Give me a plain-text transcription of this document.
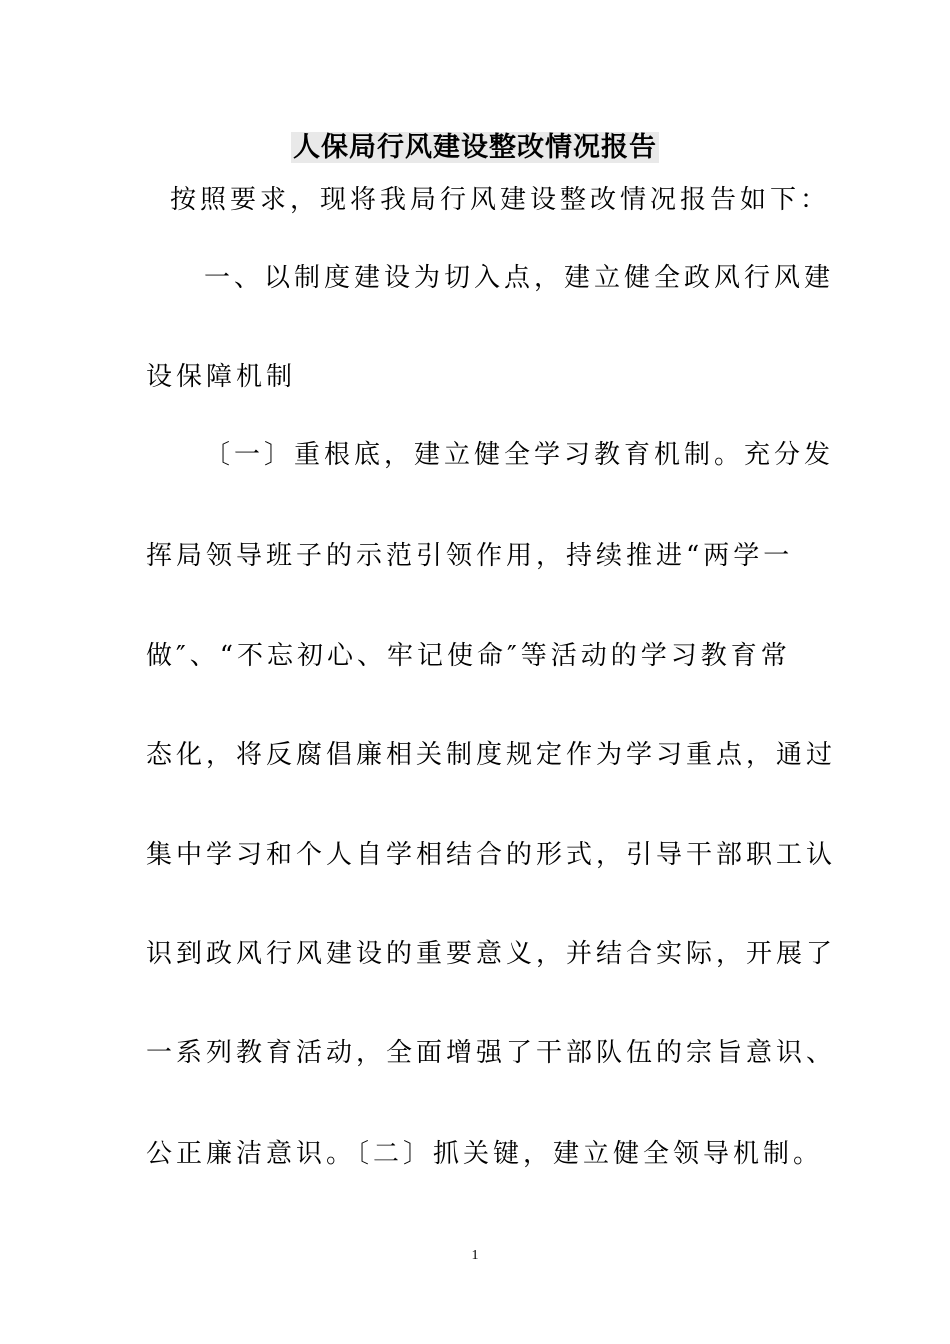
人保局行风建设整改情况报告
按照要求，现将我局行风建设整改情况报告如下：
一、以制度建设为切入点，建立健全政风行风建
设保障机制
〔一〕重根底，建立健全学习教育机制。充分发
挥局领导班子的示范引领作用，持续推进“两学一
做″、“不忘初心、牢记使命″等活动的学习教育常
态化，将反腐倡廉相关制度规定作为学习重点，通过
集中学习和个人自学相结合的形式，引导干部职工认
识到政风行风建设的重要意义，并结合实际，开展了
一系列教育活动，全面增强了干部队伍的宗旨意识、
公正廉洁意识。〔二〕抓关键，建立健全领导机制。
1
